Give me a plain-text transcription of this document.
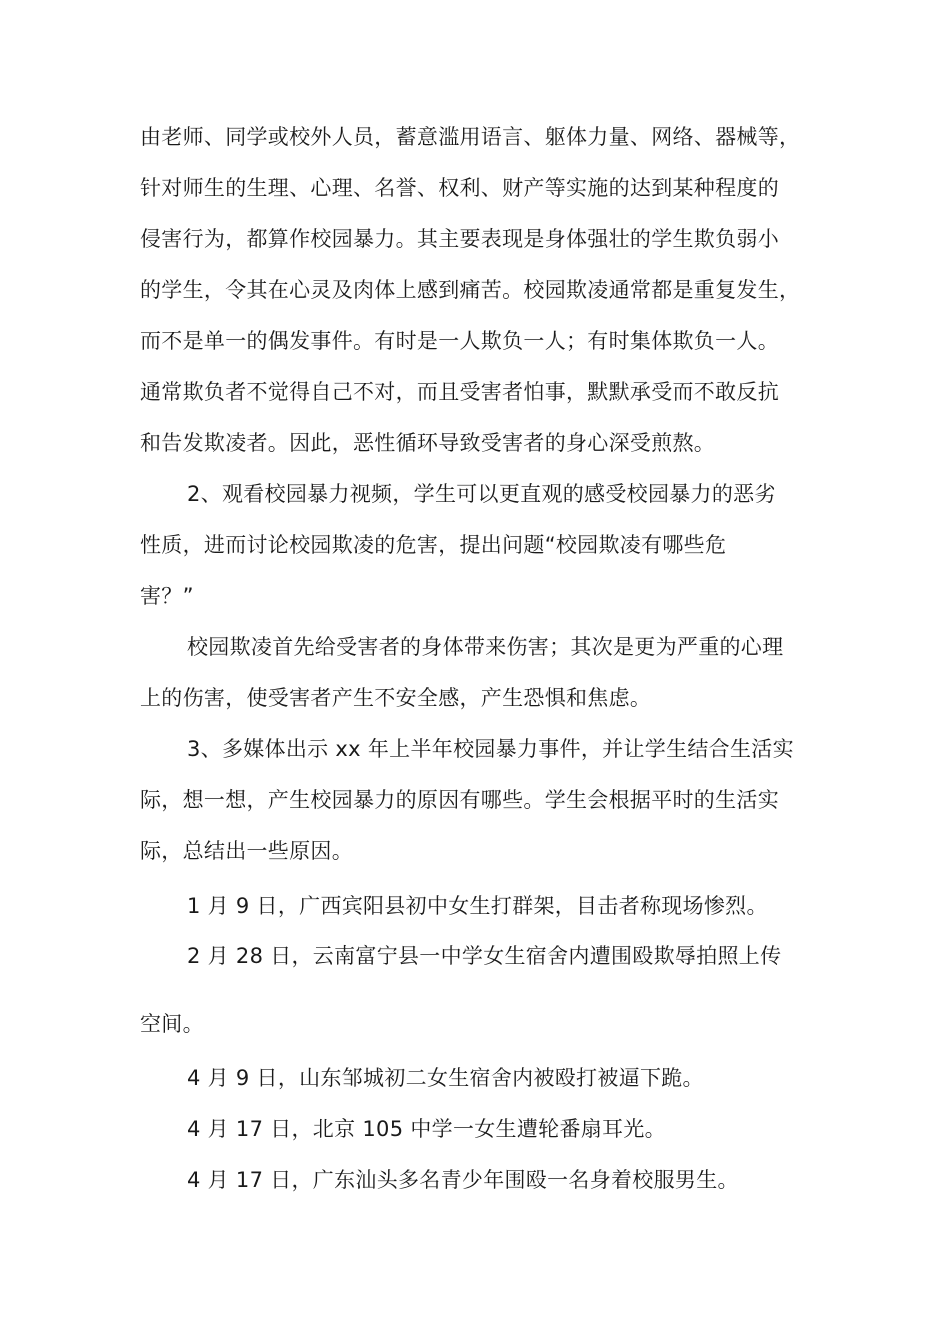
由老师、同学或校外人员，蓄意滥用语言、躯体力量、网络、器械等，
针对师生的生理、心理、名誉、权利、财产等实施的达到某种程度的
侵害行为，都算作校园暴力。其主要表现是身体强壮的学生欺负弱小
的学生，令其在心灵及肉体上感到痛苦。校园欺凌通常都是重复发生，
而不是单一的偶发事件。有时是一人欺负一人；有时集体欺负一人。
通常欺负者不觉得自己不对，而且受害者怕事，默默承受而不敢反抗
和告发欺凌者。因此，恶性循环导致受害者的身心深受煎熬。
2、观看校园暴力视频，学生可以更直观的感受校园暴力的恶劣
性质，进而讨论校园欺凌的危害，提出问题“校园欺凌有哪些危
害？”
校园欺凌首先给受害者的身体带来伤害；其次是更为严重的心理
上的伤害，使受害者产生不安全感，产生恐惧和焦虑。
3、多媒体出示 xx 年上半年校园暴力事件，并让学生结合生活实
际，想一想，产生校园暴力的原因有哪些。学生会根据平时的生活实
际，总结出一些原因。
1 月 9 日，广西宾阳县初中女生打群架，目击者称现场惨烈。
2 月 28 日，云南富宁县一中学女生宿舍内遭围殴欺辱拍照上传
空间。
4 月 9 日，山东邹城初二女生宿舍内被殴打被逼下跪。
4 月 17 日，北京 105 中学一女生遭轮番扇耳光。
4 月 17 日，广东汕头多名青少年围殴一名身着校服男生。
